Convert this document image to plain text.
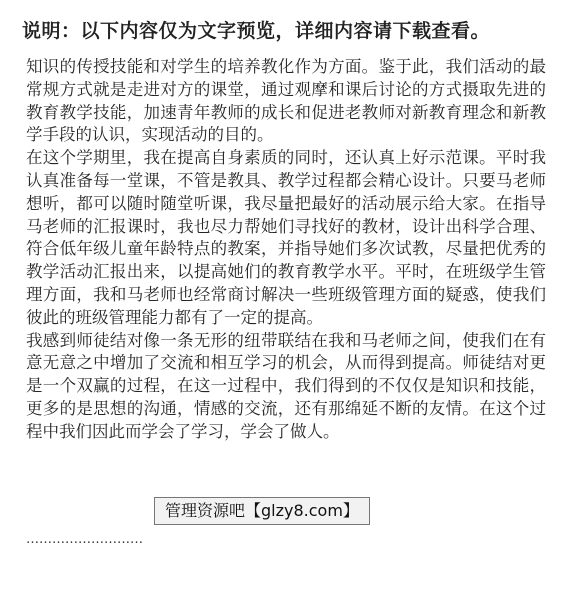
说明：以下内容仅为文字预览，详细内容请下载查看。

知识的传授技能和对学生的培养教化作为方面。鉴于此，我们活动的最常规方式就是走进对方的课堂，通过观摩和课后讨论的方式摄取先进的教育教学技能，加速青年教师的成长和促进老教师对新教育理念和新教学手段的认识，实现活动的目的。

在这个学期里，我在提高自身素质的同时，还认真上好示范课。平时我认真准备每一堂课，不管是教具、教学过程都会精心设计。只要马老师想听，都可以随时随堂听课，我尽量把最好的活动展示给大家。在指导马老师的汇报课时，我也尽力帮她们寻找好的教材，设计出科学合理、符合低年级儿童年龄特点的教案，并指导她们多次试教，尽量把优秀的教学活动汇报出来，以提高她们的教育教学水平。平时，在班级学生管理方面，我和马老师也经常商讨解决一些班级管理方面的疑惑，使我们彼此的班级管理能力都有了一定的提高。

我感到师徒结对像一条无形的纽带联结在我和马老师之间，使我们在有意无意之中增加了交流和相互学习的机会，从而得到提高。师徒结对更是一个双赢的过程，在这一过程中，我们得到的不仅仅是知识和技能，更多的是思想的沟通，情感的交流，还有那绵延不断的友情。在这个过程中我们因此而学会了学习，学会了做人。

管理资源吧【glzy8.com】
………………………
